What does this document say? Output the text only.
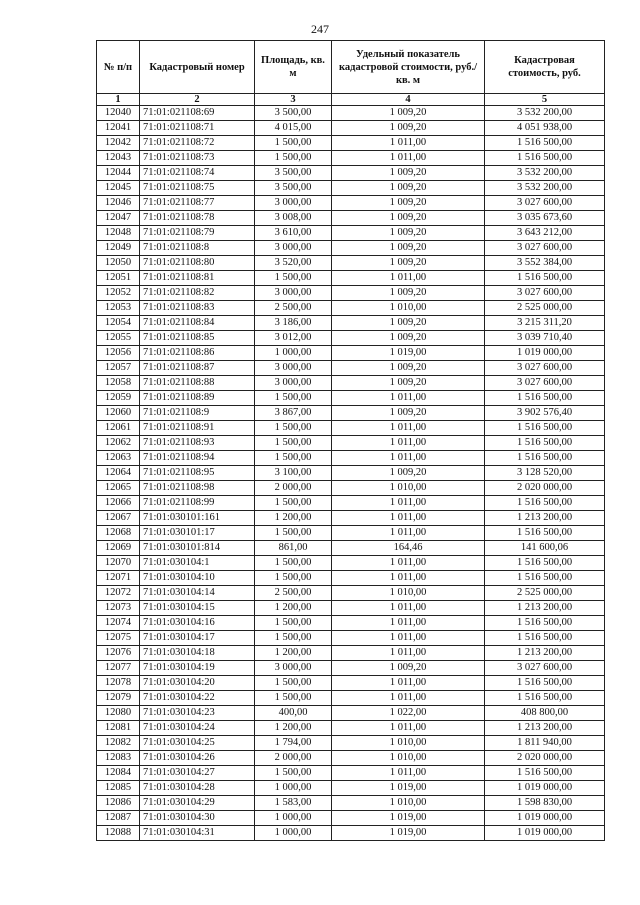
247
№ п/п	Кадастровый номер	Площадь, кв. м	Удельный показатель кадастровой стоимости, руб./кв. м	Кадастровая стоимость, руб.
1	2	3	4	5
12040	71:01:021108:69	3 500,00	1 009,20	3 532 200,00
12041	71:01:021108:71	4 015,00	1 009,20	4 051 938,00
12042	71:01:021108:72	1 500,00	1 011,00	1 516 500,00
12043	71:01:021108:73	1 500,00	1 011,00	1 516 500,00
12044	71:01:021108:74	3 500,00	1 009,20	3 532 200,00
12045	71:01:021108:75	3 500,00	1 009,20	3 532 200,00
12046	71:01:021108:77	3 000,00	1 009,20	3 027 600,00
12047	71:01:021108:78	3 008,00	1 009,20	3 035 673,60
12048	71:01:021108:79	3 610,00	1 009,20	3 643 212,00
12049	71:01:021108:8	3 000,00	1 009,20	3 027 600,00
12050	71:01:021108:80	3 520,00	1 009,20	3 552 384,00
12051	71:01:021108:81	1 500,00	1 011,00	1 516 500,00
12052	71:01:021108:82	3 000,00	1 009,20	3 027 600,00
12053	71:01:021108:83	2 500,00	1 010,00	2 525 000,00
12054	71:01:021108:84	3 186,00	1 009,20	3 215 311,20
12055	71:01:021108:85	3 012,00	1 009,20	3 039 710,40
12056	71:01:021108:86	1 000,00	1 019,00	1 019 000,00
12057	71:01:021108:87	3 000,00	1 009,20	3 027 600,00
12058	71:01:021108:88	3 000,00	1 009,20	3 027 600,00
12059	71:01:021108:89	1 500,00	1 011,00	1 516 500,00
12060	71:01:021108:9	3 867,00	1 009,20	3 902 576,40
12061	71:01:021108:91	1 500,00	1 011,00	1 516 500,00
12062	71:01:021108:93	1 500,00	1 011,00	1 516 500,00
12063	71:01:021108:94	1 500,00	1 011,00	1 516 500,00
12064	71:01:021108:95	3 100,00	1 009,20	3 128 520,00
12065	71:01:021108:98	2 000,00	1 010,00	2 020 000,00
12066	71:01:021108:99	1 500,00	1 011,00	1 516 500,00
12067	71:01:030101:161	1 200,00	1 011,00	1 213 200,00
12068	71:01:030101:17	1 500,00	1 011,00	1 516 500,00
12069	71:01:030101:814	861,00	164,46	141 600,06
12070	71:01:030104:1	1 500,00	1 011,00	1 516 500,00
12071	71:01:030104:10	1 500,00	1 011,00	1 516 500,00
12072	71:01:030104:14	2 500,00	1 010,00	2 525 000,00
12073	71:01:030104:15	1 200,00	1 011,00	1 213 200,00
12074	71:01:030104:16	1 500,00	1 011,00	1 516 500,00
12075	71:01:030104:17	1 500,00	1 011,00	1 516 500,00
12076	71:01:030104:18	1 200,00	1 011,00	1 213 200,00
12077	71:01:030104:19	3 000,00	1 009,20	3 027 600,00
12078	71:01:030104:20	1 500,00	1 011,00	1 516 500,00
12079	71:01:030104:22	1 500,00	1 011,00	1 516 500,00
12080	71:01:030104:23	400,00	1 022,00	408 800,00
12081	71:01:030104:24	1 200,00	1 011,00	1 213 200,00
12082	71:01:030104:25	1 794,00	1 010,00	1 811 940,00
12083	71:01:030104:26	2 000,00	1 010,00	2 020 000,00
12084	71:01:030104:27	1 500,00	1 011,00	1 516 500,00
12085	71:01:030104:28	1 000,00	1 019,00	1 019 000,00
12086	71:01:030104:29	1 583,00	1 010,00	1 598 830,00
12087	71:01:030104:30	1 000,00	1 019,00	1 019 000,00
12088	71:01:030104:31	1 000,00	1 019,00	1 019 000,00
